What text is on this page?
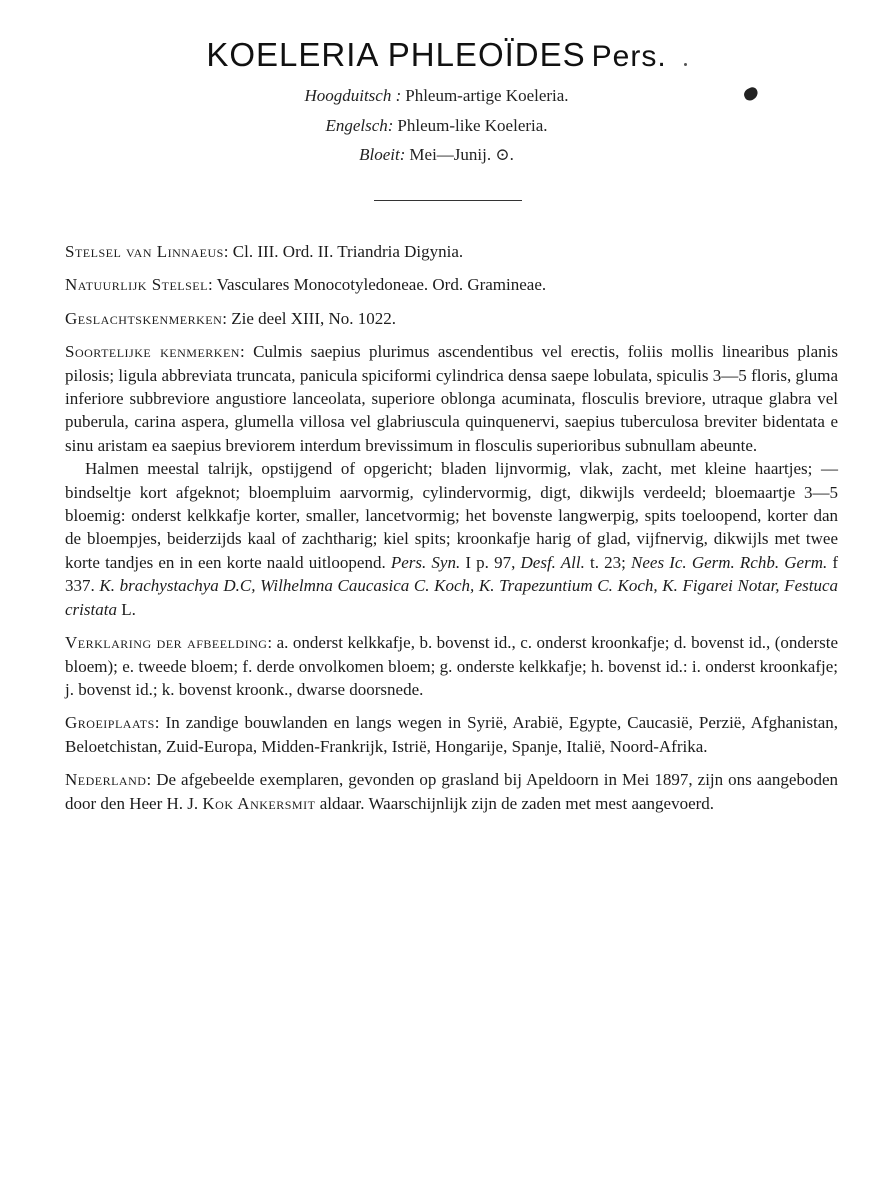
KOELERIA PHLEOÏDES Pers.
Hoogduitsch : Phleum-artige Koeleria.
Engelsch: Phleum-like Koeleria.
Bloeit: Mei—Junij. ⊙.

Stelsel van Linnaeus: Cl. III. Ord. II. Triandria Digynia.

Natuurlijk Stelsel: Vasculares Monocotyledoneae. Ord. Gramineae.

Geslachtskenmerken: Zie deel XIII, No. 1022.

Soortelijke kenmerken: Culmis saepius plurimus ascendentibus vel erectis, foliis mollis linearibus planis pilosis; ligula abbreviata truncata, panicula spiciformi cylindrica densa saepe lobulata, spiculis 3—5 floris, gluma inferiore subbreviore angustiore lanceolata, superiore oblonga acuminata, flosculis breviore, utraque glabra vel puberula, carina aspera, glumella villosa vel glabriuscula quinquenervi, saepius tuberculosa breviter bidentata e sinu aristam ea saepius breviorem interdum brevissimum in flosculis superioribus subnullam abeunte.

Halmen meestal talrijk, opstijgend of opgericht; bladen lijnvormig, vlak, zacht, met kleine haartjes; — bindseltje kort afgeknot; bloempluim aarvormig, cylindervormig, digt, dikwijls verdeeld; bloemaartje 3—5 bloemig: onderst kelkkafje korter, smaller, lancetvormig; het bovenste langwerpig, spits toeloopend, korter dan de bloempjes, beiderzijds kaal of zachtharig; kiel spits; kroonkafje harig of glad, vijfnervig, dikwijls met twee korte tandjes en in een korte naald uitloopend. Pers. Syn. I p. 97, Desf. All. t. 23; Nees Ic. Germ. Rchb. Germ. f 337. K. brachystachya D.C, Wilhelmna Caucasica C. Koch, K. Trapezuntium C. Koch, K. Figarei Notar, Festuca cristata L.

Verklaring der afbeelding: a. onderst kelkkafje, b. bovenst id., c. onderst kroonkafje; d. bovenst id., (onderste bloem); e. tweede bloem; f. derde onvolkomen bloem; g. onderste kelkkafje; h. bovenst id.: i. onderst kroonkafje; j. bovenst id.; k. bovenst kroonk., dwarse doorsnede.

Groeiplaats: In zandige bouwlanden en langs wegen in Syrië, Arabië, Egypte, Caucasië, Perzië, Afghanistan, Beloetchistan, Zuid-Europa, Midden-Frankrijk, Istrië, Hongarije, Spanje, Italië, Noord-Afrika.

Nederland: De afgebeelde exemplaren, gevonden op grasland bij Apeldoorn in Mei 1897, zijn ons aangeboden door den Heer H. J. Kok Ankersmit aldaar. Waarschijnlijk zijn de zaden met mest aangevoerd.
